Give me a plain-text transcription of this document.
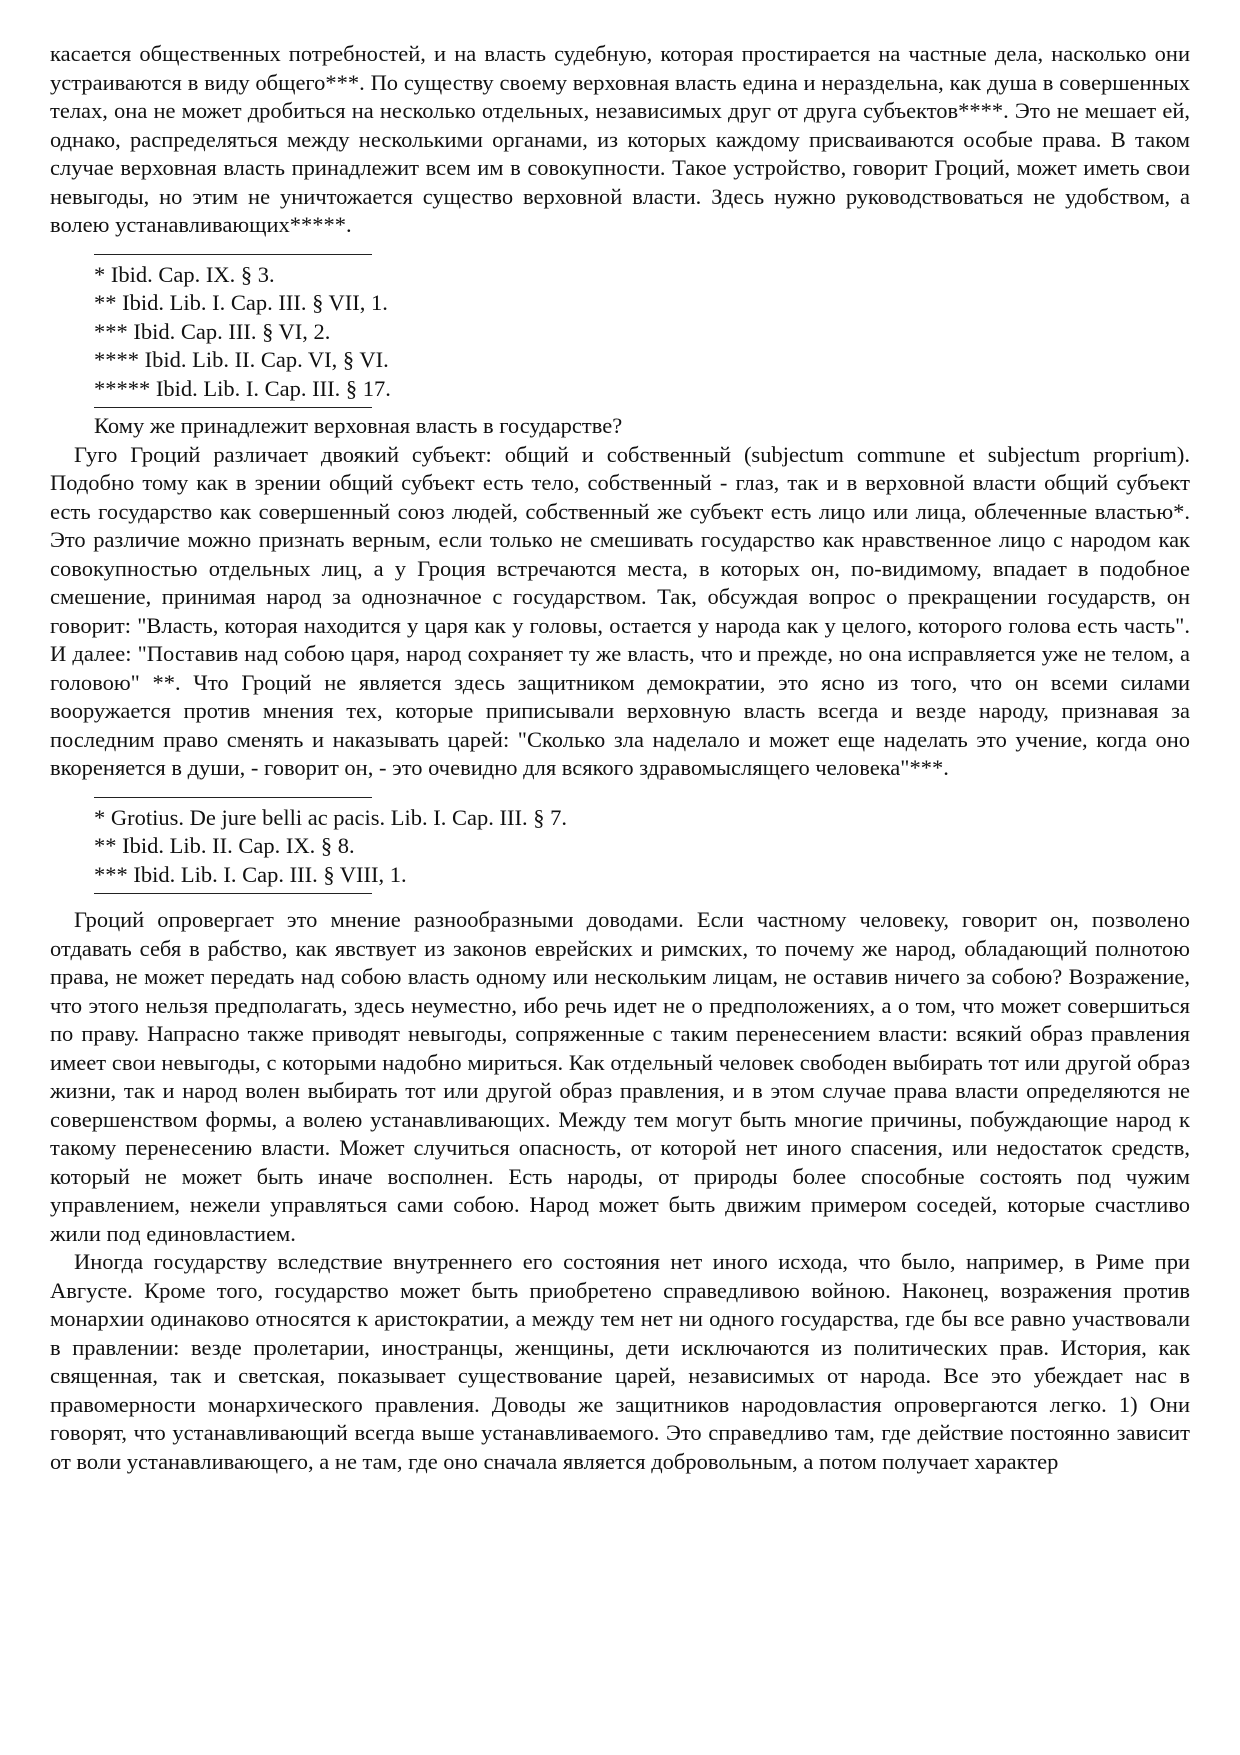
касается общественных потребностей, и на власть судебную, которая простирается на частные дела, насколько они устраиваются в виду общего***. По существу своему верховная власть едина и нераздельна, как душа в совершенных телах, она не может дробиться на несколько отдельных, независимых друг от друга субъектов****. Это не мешает ей, однако, распределяться между несколькими органами, из которых каждому присваиваются особые права. В таком случае верховная власть принадлежит всем им в совокупности. Такое устройство, говорит Гроций, может иметь свои невыгоды, но этим не уничтожается существо верховной власти. Здесь нужно руководствоваться не удобством, а волею устанавливающих*****.

* Ibid. Cap. IX. § 3.
** Ibid. Lib. I. Cap. III. § VII, 1.
*** Ibid. Cap. III. § VI, 2.
**** Ibid. Lib. II. Cap. VI, § VI.
***** Ibid. Lib. I. Cap. III. § 17.

Кому же принадлежит верховная власть в государстве?

Гуго Гроций различает двоякий субъект: общий и собственный (subjectum commune et subjectum proprium). Подобно тому как в зрении общий субъект есть тело, собственный - глаз, так и в верховной власти общий субъект есть государство как совершенный союз людей, собственный же субъект есть лицо или лица, облеченные властью*. Это различие можно признать верным, если только не смешивать государство как нравственное лицо с народом как совокупностью отдельных лиц, а у Гроция встречаются места, в которых он, по-видимому, впадает в подобное смешение, принимая народ за однозначное с государством. Так, обсуждая вопрос о прекращении государств, он говорит: "Власть, которая находится у царя как у головы, остается у народа как у целого, которого голова есть часть". И далее: "Поставив над собою царя, народ сохраняет ту же власть, что и прежде, но она исправляется уже не телом, а головою" **. Что Гроций не является здесь защитником демократии, это ясно из того, что он всеми силами вооружается против мнения тех, которые приписывали верховную власть всегда и везде народу, признавая за последним право сменять и наказывать царей: "Сколько зла наделало и может еще наделать это учение, когда оно вкореняется в души, - говорит он, - это очевидно для всякого здравомыслящего человека"***.

* Grotius. De jure belli ac pacis. Lib. I. Cap. III. § 7.
** Ibid. Lib. II. Cap. IX. § 8.
*** Ibid. Lib. I. Cap. III. § VIII, 1.

Гроций опровергает это мнение разнообразными доводами. Если частному человеку, говорит он, позволено отдавать себя в рабство, как явствует из законов еврейских и римских, то почему же народ, обладающий полнотою права, не может передать над собою власть одному или нескольким лицам, не оставив ничего за собою? Возражение, что этого нельзя предполагать, здесь неуместно, ибо речь идет не о предположениях, а о том, что может совершиться по праву. Напрасно также приводят невыгоды, сопряженные с таким перенесением власти: всякий образ правления имеет свои невыгоды, с которыми надобно мириться. Как отдельный человек свободен выбирать тот или другой образ жизни, так и народ волен выбирать тот или другой образ правления, и в этом случае права власти определяются не совершенством формы, а волею устанавливающих. Между тем могут быть многие причины, побуждающие народ к такому перенесению власти. Может случиться опасность, от которой нет иного спасения, или недостаток средств, который не может быть иначе восполнен. Есть народы, от природы более способные состоять под чужим управлением, нежели управляться сами собою. Народ может быть движим примером соседей, которые счастливо жили под единовластием.

Иногда государству вследствие внутреннего его состояния нет иного исхода, что было, например, в Риме при Августе. Кроме того, государство может быть приобретено справедливою войною. Наконец, возражения против монархии одинаково относятся к аристократии, а между тем нет ни одного государства, где бы все равно участвовали в правлении: везде пролетарии, иностранцы, женщины, дети исключаются из политических прав. История, как священная, так и светская, показывает существование царей, независимых от народа. Все это убеждает нас в правомерности монархического правления. Доводы же защитников народовластия опровергаются легко. 1) Они говорят, что устанавливающий всегда выше устанавливаемого. Это справедливо там, где действие постоянно зависит от воли устанавливающего, а не там, где оно сначала является добровольным, а потом получает характер
